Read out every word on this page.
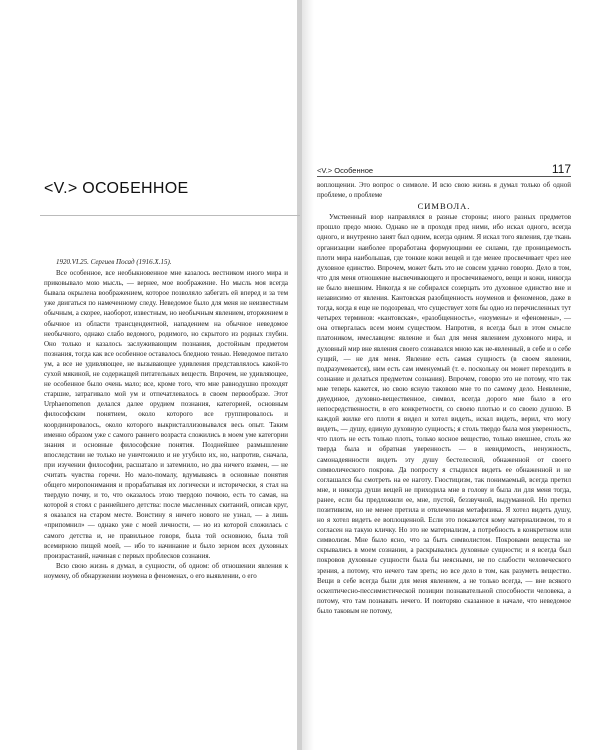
<V.> ОСОБЕННОЕ
1920.VI.25. Сергиев Посад (1916.X.15).

Все особенное, все необыкновенное мне казалось вестником иного мира и приковывало мою мысль, — вернее, мое воображение. Но мысль моя всегда бывала окрылена воображением, которое позволяло забегать ей вперед и за тем уже двигаться по намеченному следу. Неведомое было для меня не неизвестным обычным, а скорее, наоборот, известным, но необычным явлением, вторжением в обычное из области трансцендентной, нападением на обычное неведомое необычного, однако слабо ведомого, родимого, но скрытого из родных глубин. Оно только и казалось заслуживающим познания, достойным предметом познания, тогда как все особенное оставалось бледною тенью. Неведомое питало ум, а все не удивляющее, не вызывающее удивления представлялось какой-то сухой мякиной, не содержащей питательных веществ. Впрочем, не удивляющее, не особенное было очень мало; все, кроме того, что мне равнодушно проходят старшие, затрагивало мой ум и отпечатлевалось в своем первообразе. Этот Urphaenomenon делался далее орудием познания, категорией, основным философским понятием, около которого все группировалось и координировалось, около которого выкристаллизовывался весь опыт. Таким именно образом уже с самого раннего возраста сложились в моем уме категории знания и основные философские понятия. Позднейшее размышление впоследствии не только не уничтожило и не угубило их, но, напротив, сначала, при изучении философии, расшатало и затемнило, но два ничего взамен, — не считать чувства горечи. Но мало-помалу, вдумываясь в основные понятия общего миропонимания и прорабатывая их логически и исторически, я стал на твердую почву, и то, что оказалось этою твердою почвою, есть то самая, на которой я стоял с раннейшего детства: после мысленных скитаний, описав круг, я оказался на старом месте. Воистину я ничего нового не узнал, — а лишь «припомнил» — однако уже с моей личности, — но из которой сложилась с самого детства и, не правильное говоря, была той основною, была той всемирною пищей моей, — ибо то начинание и было зерном всех духовных произрастаний, начиная с первых проблесков сознания.

Всю свою жизнь я думал, в сущности, об одном: об отношении явления к ноумену, об обнаружении ноумена в феноменах, о его выявлении, о его

<V.> Особенное	117

воплощении. Это вопрос о символе. И всю свою жизнь я думал только об одной проблеме, о проблеме

СИМВОЛА.

Умственный взор направлялся в разные стороны; иного разных предметов прошло предо мною. Однако не в проходя пред ними, ибо искал одного, всегда одного, и внутренно занят был одним, всегда одним. Я искал того явления, где ткань организации наиболее проработана формующими ее силами, где проницаемость плоти мира наибольшая, где тонкие кожи вещей и где менее просвечивает чрез нее духовное единство. Впрочем, может быть это не совсем удачно говорю. Дело в том, что для меня отношение высвечивающего и просвечиваемого, вещи и кожи, никогда не было внешним. Никогда я не собирался созерцать это духовное единство вне и независимо от явления. Кантовская разобщенность ноуменов и феноменов, даже в тогда, когда я еще не подозревал, что существует хотя бы одно из перечисленных тут четырех терминов: «кантовская», «разобщенность», «ноумены» и «феномены», — она отвергалась всем моим существом. Напротив, я всегда был в этом смысле платоником, имеславцем: явление и был для меня явлением духовного мира, и духовный мир вне явления своего сознавался мною как не-явленный, в себе и о себе сущий, — не для меня. Явление есть самая сущность (в своем явлении, подразумевается), ним есть сам именуемый (т. е. поскольку он может переходить в сознание и делаться предметом сознания). Впрочем, говорю это не потому, что так мне теперь кажется, но свою ясную таковою мне то по самому дело. Неявление, двуединое, духовно-вещественное, символ, всегда дорого мне было в его непосредственности, в его конкретности, со своею плотью и со своею душою. В каждой жилке его плоти я видел и хотел видеть, искал видеть, верил, что могу видеть, — душу, единую духовную сущность; я столь твердо была моя уверенность, что плоть не есть только плоть, только косное вещество, только внешнее, столь же тверда была и обратная уверенность — в невидимость, ненужность, самонадеянности видеть эту душу бестелесной, обнаженной от своего символического покрова. Да попросту я стыдился видеть ее обнаженной и не соглашался бы смотреть на ее наготу. Гностицизм, так понимаемый, всегда претил мне, и никогда души вещей не приходила мне в голову и была ли для меня тогда, ранее, если бы предложили ее, мне, пустой, беззвучной, выдуманной. Но претил позитивизм, но не менее претила и отвлеченная метафизика. Я хотел видеть душу, но я хотел видеть ее воплощенной. Если это покажется кому материализмом, то я согласен на такую кличку. Но это не материализм, а потребность в конкретном или символизм. Мне было ясно, что за быть символистом. Покровами вещества не скрывались в моем сознании, а раскрывались духовные сущности; и я всегда был покровов духовные сущности была бы неясными, не по слабости человеческого зрения, а потому, что нечего там зреть; но все дело в том, как разуметь вещество. Вещи в себе всегда были для меня явлением, а не только всегда, — вне всякого оскептичесно-пессимистической позиции познавательной способности человека, а потому, что там познавать нечего. И повторяю сказанное в начале, что неведомое было таковым не потому,
